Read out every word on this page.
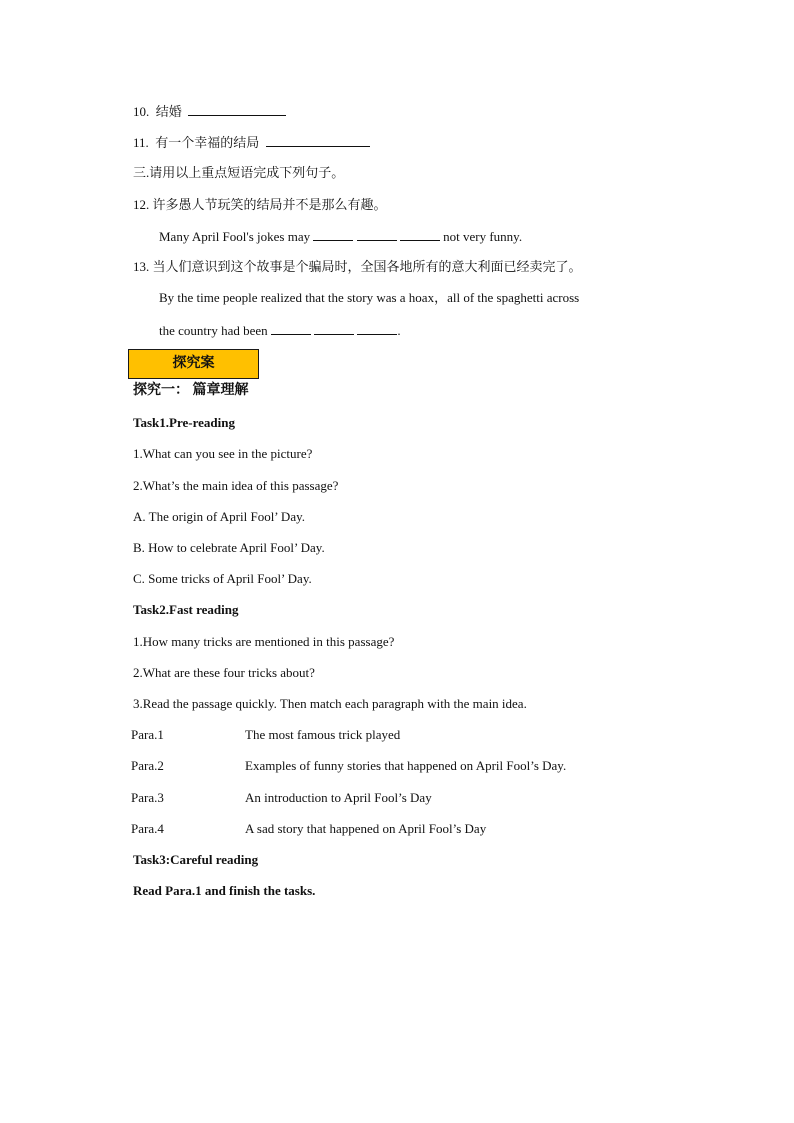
10. 结婚
11. 有一个幸福的结局
三.请用以上重点短语完成下列句子。
12. 许多愚人节玩笑的结局并不是那么有趣。
Many April Fool's jokes may	not very funny.
13. 当人们意识到这个故事是个骗局时，全国各地所有的意大利面已经卖完了。
By the time people realized that the story was a hoax，all of the spaghetti across
the country had been	.
探究案
探究一： 篇章理解
Task1.Pre-reading
1.What can you see in the picture?
2.What’s the main idea of this passage?
A. The origin of April Fool’ Day.
B. How to celebrate April Fool’ Day.
C. Some tricks of April Fool’ Day.
Task2.Fast reading
1.How many tricks are mentioned in this passage?
2.What are these four tricks about?
3.Read the passage quickly. Then match each paragraph with the main idea.
Para.1	The most famous trick played
Para.2	Examples of funny stories that happened on April Fool’s Day.
Para.3	An introduction to April Fool’s Day
Para.4	A sad story that happened on April Fool’s Day
Task3:Careful reading
Read Para.1 and finish the tasks.
